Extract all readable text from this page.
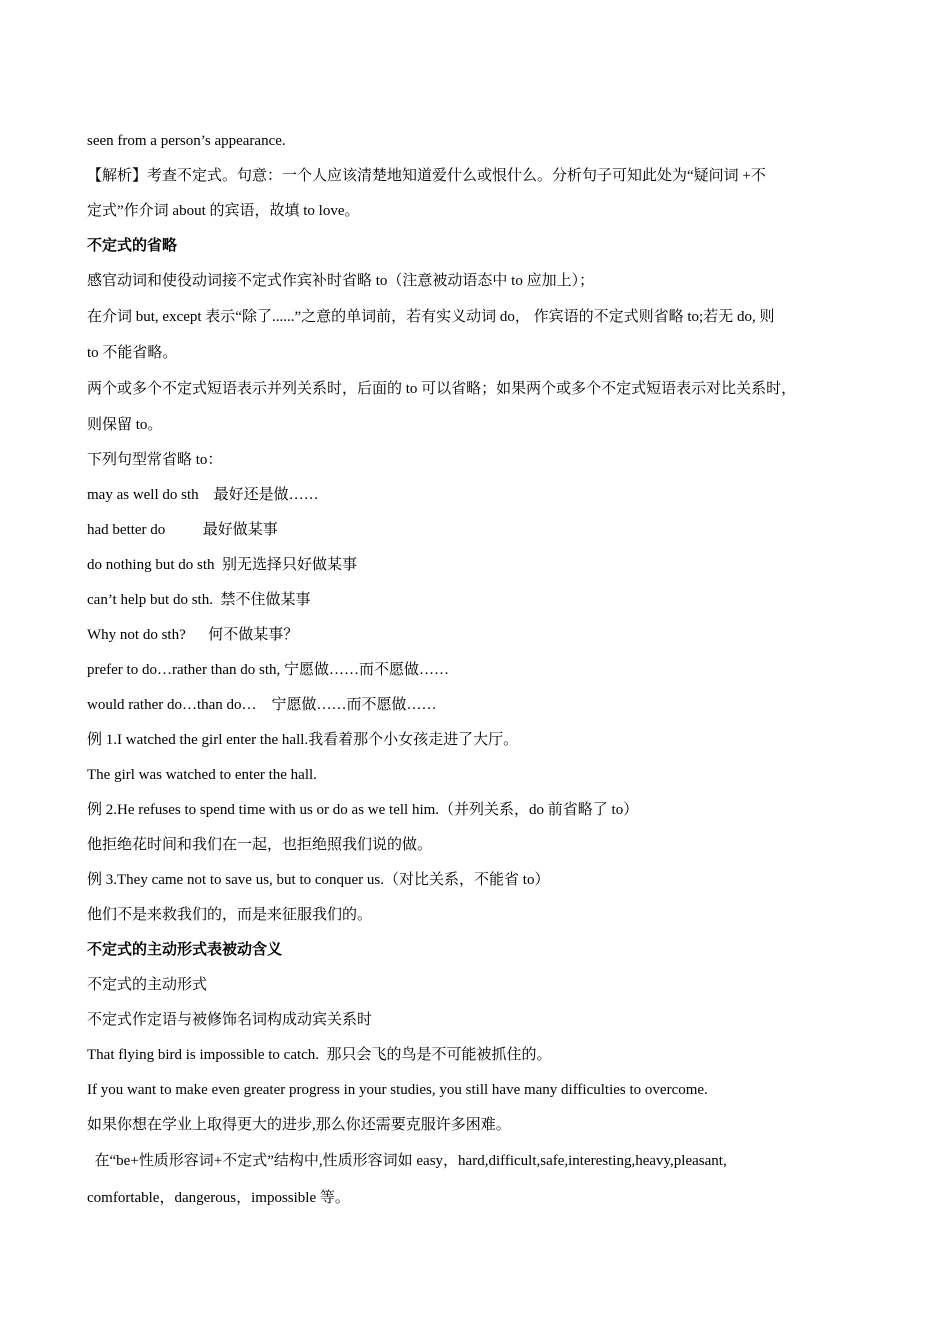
seen from a person’s appearance.
【解析】考查不定式。句意：一个人应该清楚地知道爱什么或恨什么。分析句子可知此处为“疑问词 +不
定式”作介词 about 的宾语，故填 to love。
不定式的省略
感官动词和使役动词接不定式作宾补时省略 to（注意被动语态中 to 应加上）；
在介词 but, except 表示“除了......”之意的单词前，若有实义动词 do， 作宾语的不定式则省略 to;若无 do, 则
to 不能省略。
两个或多个不定式短语表示并列关系时，后面的 to 可以省略；如果两个或多个不定式短语表示对比关系时，
则保留 to。
下列句型常省略 to：
may as well do sth    最好还是做……
had better do          最好做某事
do nothing but do sth  别无选择只好做某事
can’t help but do sth.  禁不住做某事
Why not do sth?      何不做某事？
prefer to do…rather than do sth, 宁愿做……而不愿做……
would rather do…than do…    宁愿做……而不愿做……
例 1.I watched the girl enter the hall.我看着那个小女孩走进了大厅。
The girl was watched to enter the hall.
例 2.He refuses to spend time with us or do as we tell him.（并列关系，do 前省略了 to）
他拒绝花时间和我们在一起，也拒绝照我们说的做。
例 3.They came not to save us, but to conquer us.（对比关系，不能省 to）
他们不是来救我们的，而是来征服我们的。
不定式的主动形式表被动含义
不定式的主动形式
不定式作定语与被修饰名词构成动宾关系时
That flying bird is impossible to catch.  那只会飞的鸟是不可能被抓住的。
If you want to make even greater progress in your studies, you still have many difficulties to overcome.
如果你想在学业上取得更大的进步,那么你还需要克服许多困难。
在“be+性质形容词+不定式”结构中,性质形容词如 easy，hard,difficult,safe,interesting,heavy,pleasant,
comfortable，dangerous，impossible 等。
